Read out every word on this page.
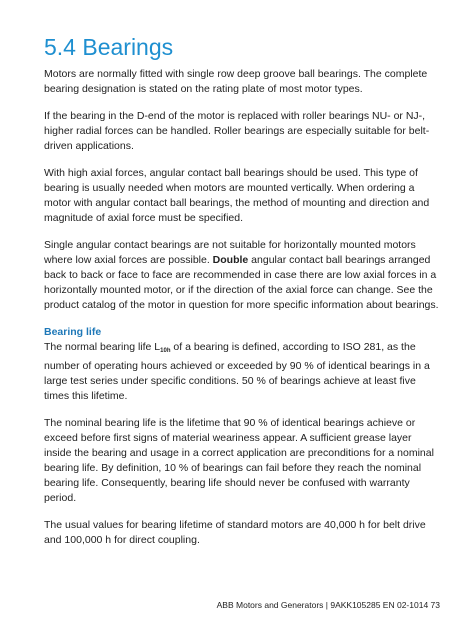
5.4 Bearings

Motors are normally fitted with single row deep groove ball bearings. The complete bearing designation is stated on the rating plate of most motor types.

If the bearing in the D-end of the motor is replaced with roller bearings NU- or NJ-, higher radial forces can be handled. Roller bearings are especially suitable for belt-driven applications.

With high axial forces, angular contact ball bearings should be used. This type of bearing is usually needed when motors are mounted vertically. When ordering a motor with angular contact ball bearings, the method of mounting and direction and magnitude of axial force must be specified.

Single angular contact bearings are not suitable for horizontally mounted motors where low axial forces are possible. Double angular contact ball bearings arranged back to back or face to face are recommended in case there are low axial forces in a horizontally mounted motor, or if the direction of the axial force can change. See the product catalog of the motor in question for more specific information about bearings.

Bearing life

The normal bearing life $L_{10h}$ of a bearing is defined, according to ISO 281, as the number of operating hours achieved or exceeded by 90 % of identical bearings in a large test series under specific conditions. 50 % of bearings achieve at least five times this lifetime.

The nominal bearing life is the lifetime that 90 % of identical bearings achieve or exceed before first signs of material weariness appear. A sufficient grease layer inside the bearing and usage in a correct application are preconditions for a nominal bearing life. By definition, 10 % of bearings can fail before they reach the nominal bearing life. Consequently, bearing life should never be confused with warranty period.

The usual values for bearing lifetime of standard motors are 40,000 h for belt drive and 100,000 h for direct coupling.

ABB Motors and Generators | 9AKK105285 EN 02-1014 73
